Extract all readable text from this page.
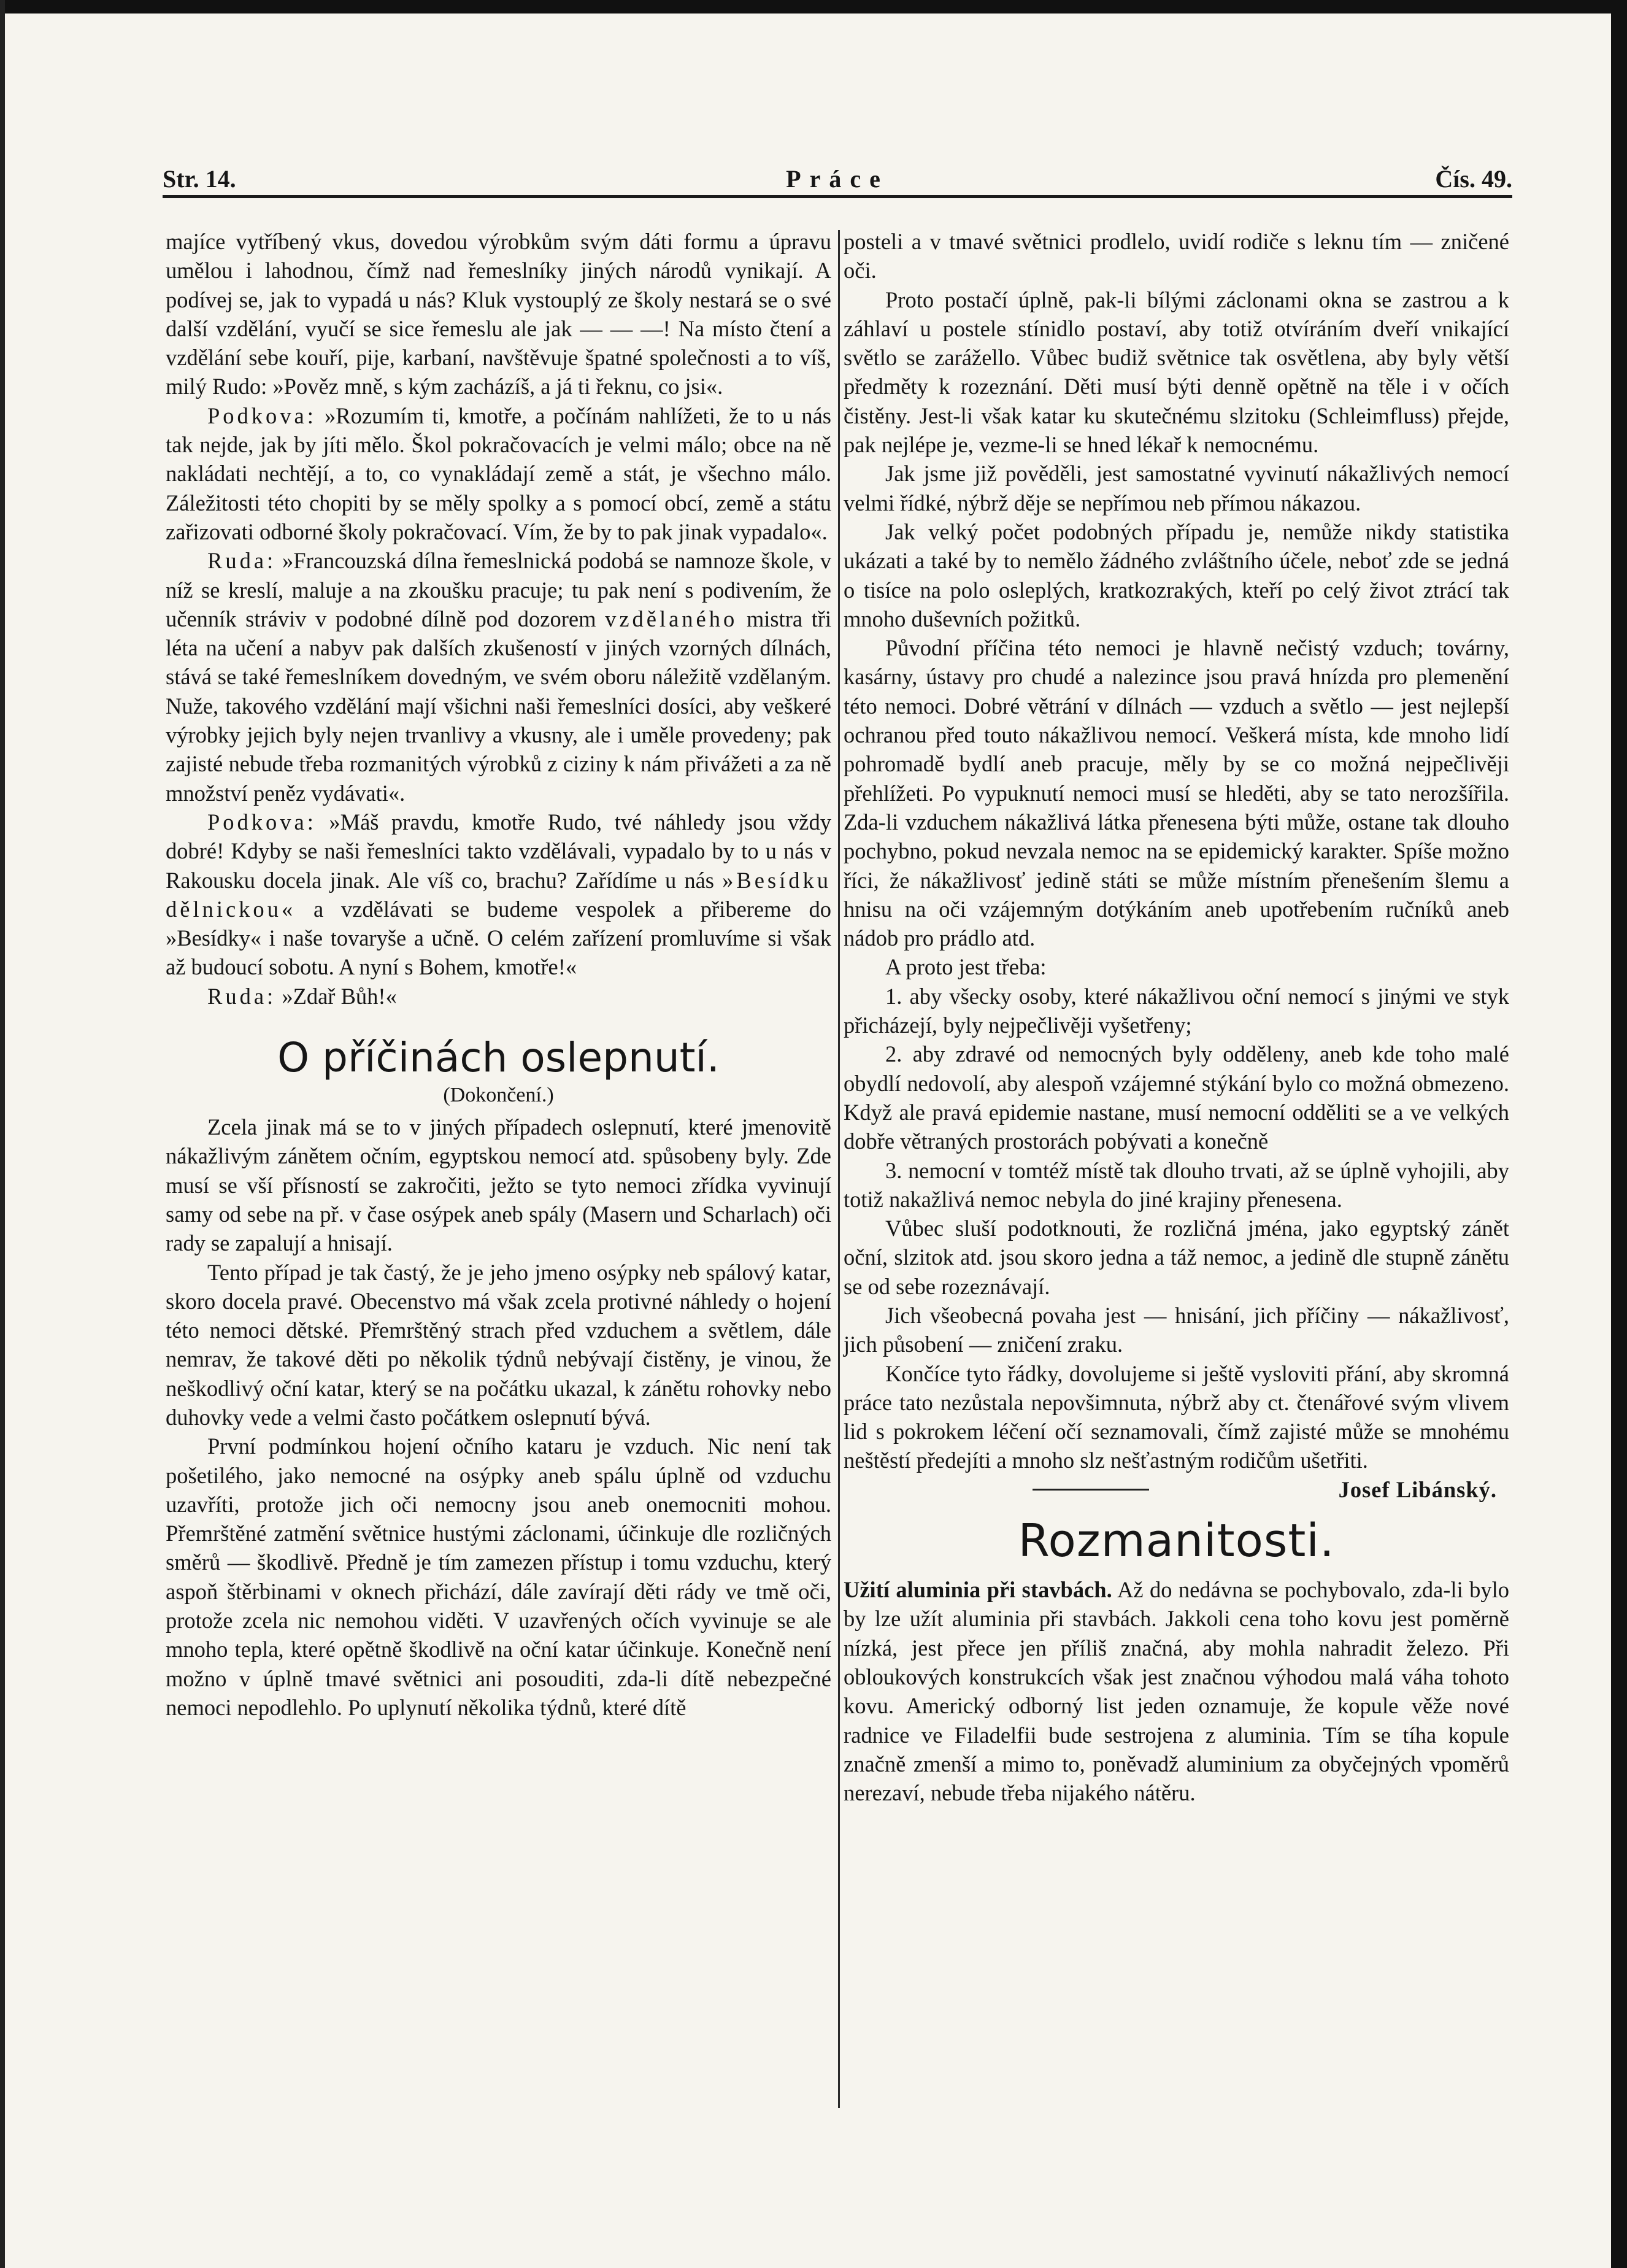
Str. 14.	Práce	Čís. 49.

majíce vytříbený vkus, dovedou výrobkům svým dáti formu a úpravu umělou i lahodnou, čímž nad řemeslníky jiných národů vynikají. A podívej se, jak to vypadá u nás? Kluk vystouplý ze školy nestará se o své další vzdělání, vyučí se sice řemeslu ale jak — — —! Na místo čtení a vzdělání sebe kouří, pije, karbaní, navštěvuje špatné společnosti a to víš, milý Rudo: »Pověz mně, s kým zacházíš, a já ti řeknu, co jsi«.

Podkova: »Rozumím ti, kmotře, a počínám nahlížeti, že to u nás tak nejde, jak by jíti mělo. Škol pokračovacích je velmi málo; obce na ně nakládati nechtějí, a to, co vynakládají země a stát, je všechno málo. Záležitosti této chopiti by se měly spolky a s pomocí obcí, země a státu zařizovati odborné školy pokračovací. Vím, že by to pak jinak vypadalo«.

Ruda: »Francouzská dílna řemeslnická podobá se namnoze škole, v níž se kreslí, maluje a na zkoušku pracuje; tu pak není s podivením, že učenník stráviv v podobné dílně pod dozorem vzdělaného mistra tři léta na učení a nabyv pak dalších zkušeností v jiných vzorných dílnách, stává se také řemeslníkem dovedným, ve svém oboru náležitě vzdělaným. Nuže, takového vzdělání mají všichni naši řemeslníci dosíci, aby veškeré výrobky jejich byly nejen trvanlivy a vkusny, ale i uměle provedeny; pak zajisté nebude třeba rozmanitých výrobků z ciziny k nám přivážeti a za ně množství peněz vydávati«.

Podkova: »Máš pravdu, kmotře Rudo, tvé náhledy jsou vždy dobré! Kdyby se naši řemeslníci takto vzdělávali, vypadalo by to u nás v Rakousku docela jinak. Ale víš co, brachu? Zařídíme u nás »Besídku dělnickou« a vzdělávati se budeme vespolek a přibereme do »Besídky« i naše tovaryše a učně. O celém zařízení promluvíme si však až budoucí sobotu. A nyní s Bohem, kmotře!«

Ruda: »Zdař Bůh!«

O příčinách oslepnutí.
(Dokončení.)

Zcela jinak má se to v jiných případech oslepnutí, které jmenovitě nákažlivým zánětem očním, egyptskou nemocí atd. spůsobeny byly. Zde musí se vší přísností se zakročiti, ježto se tyto nemoci zřídka vyvinují samy od sebe na př. v čase osýpek aneb spály (Masern und Scharlach) oči rady se zapalují a hnisají.

Tento případ je tak častý, že je jeho jmeno osýpky neb spálový katar, skoro docela pravé. Obecenstvo má však zcela protivné náhledy o hojení této nemoci dětské. Přemrštěný strach před vzduchem a světlem, dále nemrav, že takové děti po několik týdnů nebývají čistěny, je vinou, že neškodlivý oční katar, který se na počátku ukazal, k zánětu rohovky nebo duhovky vede a velmi často počátkem oslepnutí bývá.

První podmínkou hojení očního kataru je vzduch. Nic není tak pošetilého, jako nemocné na osýpky aneb spálu úplně od vzduchu uzavříti, protože jich oči nemocny jsou aneb onemocniti mohou. Přemrštěné zatmění světnice hustými záclonami, účinkuje dle rozličných směrů — škodlivě. Předně je tím zamezen přístup i tomu vzduchu, který aspoň štěrbinami v oknech přichází, dále zavírají děti rády ve tmě oči, protože zcela nic nemohou viděti. V uzavřených očích vyvinuje se ale mnoho tepla, které opětně škodlivě na oční katar účinkuje. Konečně není možno v úplně tmavé světnici ani posouditi, zda-li dítě nebezpečné nemoci nepodlehlo. Po uplynutí několika týdnů, které dítě

posteli a v tmavé světnici prodlelo, uvidí rodiče s leknu tím — zničené oči.

Proto postačí úplně, pak-li bílými záclonami okna se zastrou a k záhlaví u postele stínidlo postaví, aby totiž otvíráním dveří vnikající světlo se zarážello. Vůbec budiž světnice tak osvětlena, aby byly větší předměty k rozeznání. Děti musí býti denně opětně na těle i v očích čistěny. Jest-li však katar ku skutečnému slzitoku (Schleimfluss) přejde, pak nejlépe je, vezme-li se hned lékař k nemocnému.

Jak jsme již pověděli, jest samostatné vyvinutí nákažlivých nemocí velmi řídké, nýbrž děje se nepřímou neb přímou nákazou.

Jak velký počet podobných případu je, nemůže nikdy statistika ukázati a také by to nemělo žádného zvláštního účele, neboť zde se jedná o tisíce na polo osleplých, kratkozrakých, kteří po celý život ztrácí tak mnoho duševních požitků.

Původní příčina této nemoci je hlavně nečistý vzduch; továrny, kasárny, ústavy pro chudé a nalezince jsou pravá hnízda pro plemenění této nemoci. Dobré větrání v dílnách — vzduch a světlo — jest nejlepší ochranou před touto nákažlivou nemocí. Veškerá místa, kde mnoho lidí pohromadě bydlí aneb pracuje, měly by se co možná nejpečlivěji přehlížeti. Po vypuknutí nemoci musí se hleděti, aby se tato nerozšířila. Zda-li vzduchem nákažlivá látka přenesena býti může, ostane tak dlouho pochybno, pokud nevzala nemoc na se epidemický karakter. Spíše možno říci, že nákažlivosť jedině státi se může místním přenešením šlemu a hnisu na oči vzájemným dotýkáním aneb upotřebením ručníků aneb nádob pro prádlo atd.

A proto jest třeba:

1. aby všecky osoby, které nákažlivou oční nemocí s jinými ve styk přicházejí, byly nejpečlivěji vyšetřeny;

2. aby zdravé od nemocných byly odděleny, aneb kde toho malé obydlí nedovolí, aby alespoň vzájemné stýkání bylo co možná obmezeno. Když ale pravá epidemie nastane, musí nemocní odděliti se a ve velkých dobře větraných prostorách pobývati a konečně

3. nemocní v tomtéž místě tak dlouho trvati, až se úplně vyhojili, aby totiž nakažlivá nemoc nebyla do jiné krajiny přenesena.

Vůbec sluší podotknouti, že rozličná jména, jako egyptský zánět oční, slzitok atd. jsou skoro jedna a táž nemoc, a jedině dle stupně zánětu se od sebe rozeznávají.

Jich všeobecná povaha jest — hnisání, jich příčiny — nákažlivosť, jich působení — zničení zraku.

Končíce tyto řádky, dovolujeme si ještě vysloviti přání, aby skromná práce tato nezůstala nepovšimnuta, nýbrž aby ct. čtenářové svým vlivem lid s pokrokem léčení očí seznamovali, čímž zajisté může se mnohému neštěstí předejíti a mnoho slz nešťastným rodičům ušetřiti.

Josef Libánský.
Rozmanitosti.

Užití aluminia při stavbách. Až do nedávna se pochybovalo, zda-li bylo by lze užít aluminia při stavbách. Jakkoli cena toho kovu jest poměrně nízká, jest přece jen příliš značná, aby mohla nahradit železo. Při obloukových konstrukcích však jest značnou výhodou malá váha tohoto kovu. Americký odborný list jeden oznamuje, že kopule věže nové radnice ve Filadelfii bude sestrojena z aluminia. Tím se tíha kopule značně zmenší a mimo to, poněvadž aluminium za obyčejných vpoměrů nerezaví, nebude třeba nijakého nátěru.
